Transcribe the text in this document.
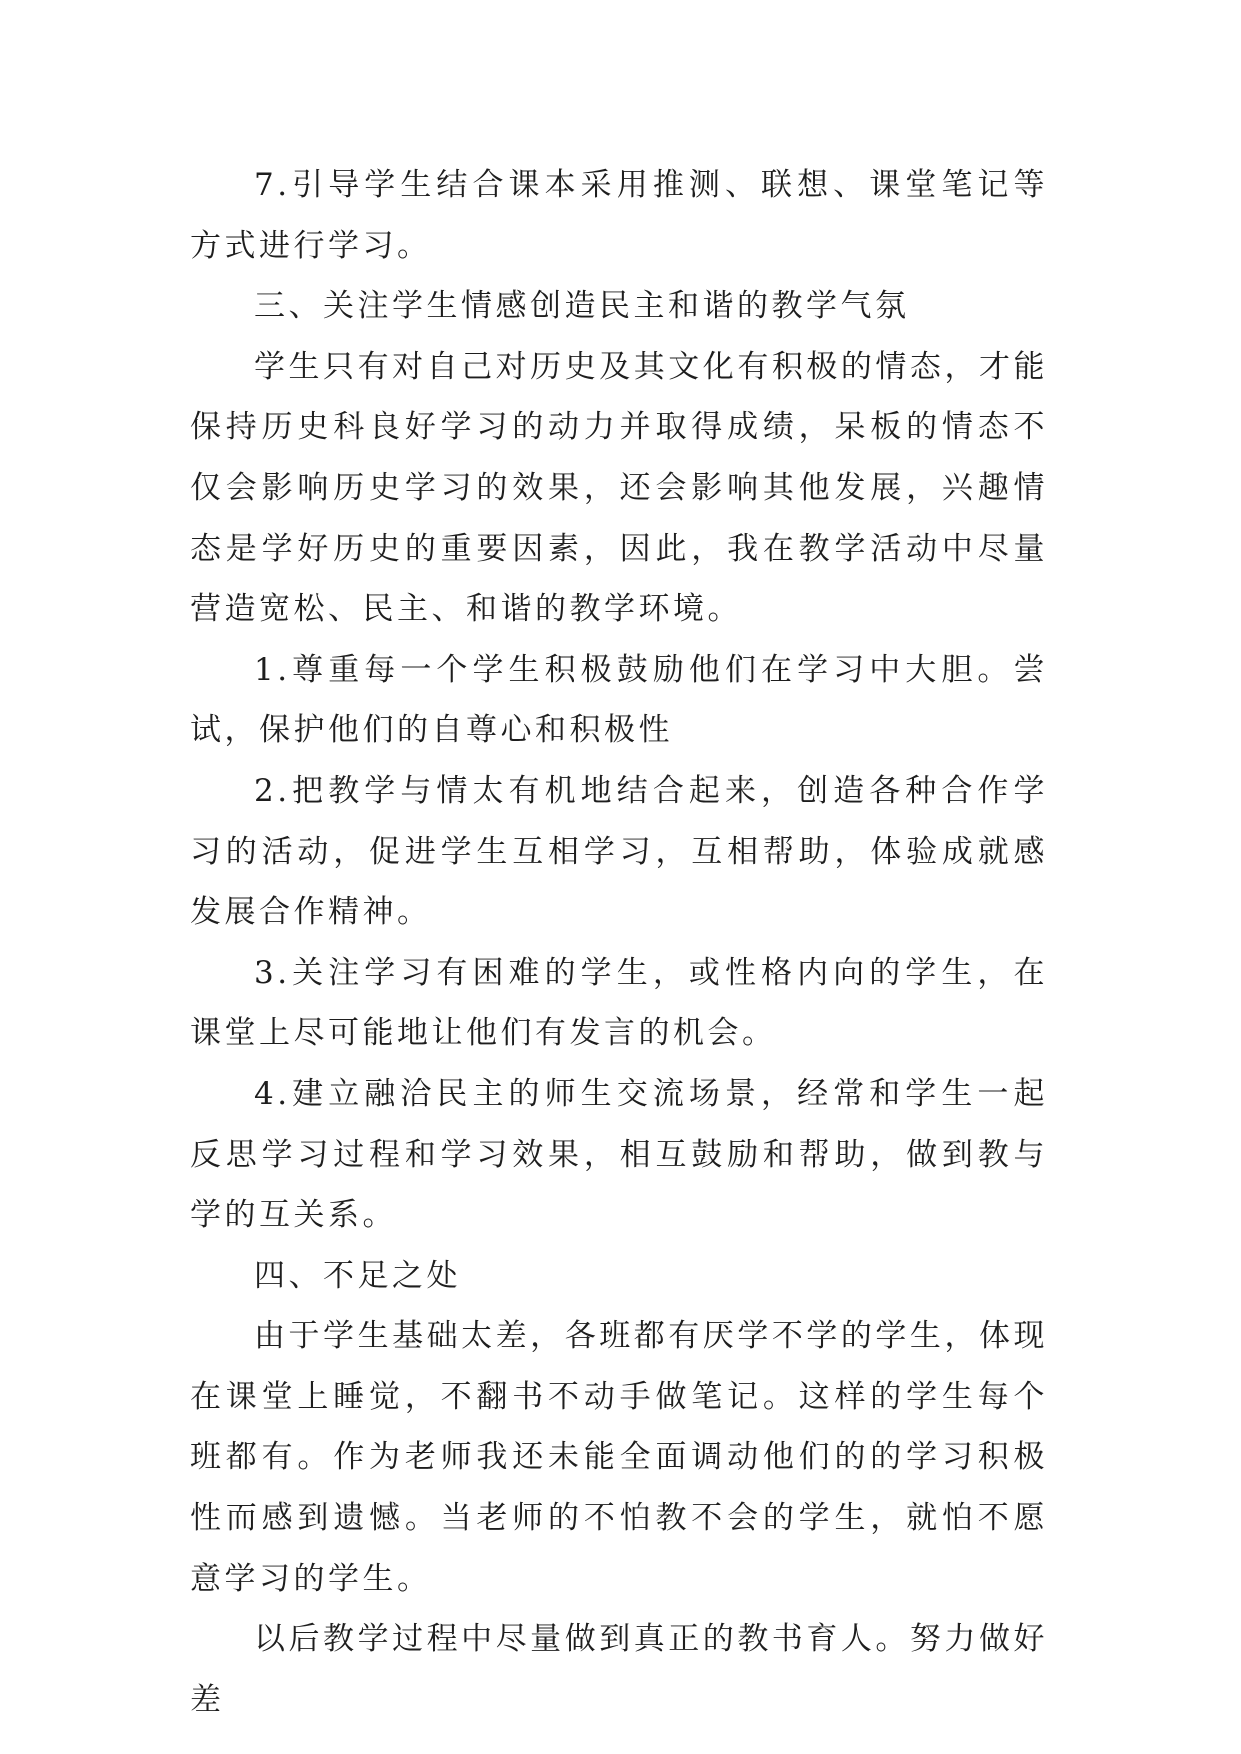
7.引导学生结合课本采用推测、联想、课堂笔记等方式进行学习。

三、关注学生情感创造民主和谐的教学气氛

学生只有对自己对历史及其文化有积极的情态，才能保持历史科良好学习的动力并取得成绩，呆板的情态不仅会影响历史学习的效果，还会影响其他发展，兴趣情态是学好历史的重要因素，因此，我在教学活动中尽量营造宽松、民主、和谐的教学环境。

1.尊重每一个学生积极鼓励他们在学习中大胆。尝试，保护他们的自尊心和积极性

2.把教学与情太有机地结合起来，创造各种合作学习的活动，促进学生互相学习，互相帮助，体验成就感发展合作精神。

3.关注学习有困难的学生，或性格内向的学生，在课堂上尽可能地让他们有发言的机会。

4.建立融洽民主的师生交流场景，经常和学生一起反思学习过程和学习效果，相互鼓励和帮助，做到教与学的互关系。

四、不足之处

由于学生基础太差，各班都有厌学不学的学生，体现在课堂上睡觉，不翻书不动手做笔记。这样的学生每个班都有。作为老师我还未能全面调动他们的的学习积极性而感到遗憾。当老师的不怕教不会的学生，就怕不愿意学习的学生。

以后教学过程中尽量做到真正的教书育人。努力做好差
